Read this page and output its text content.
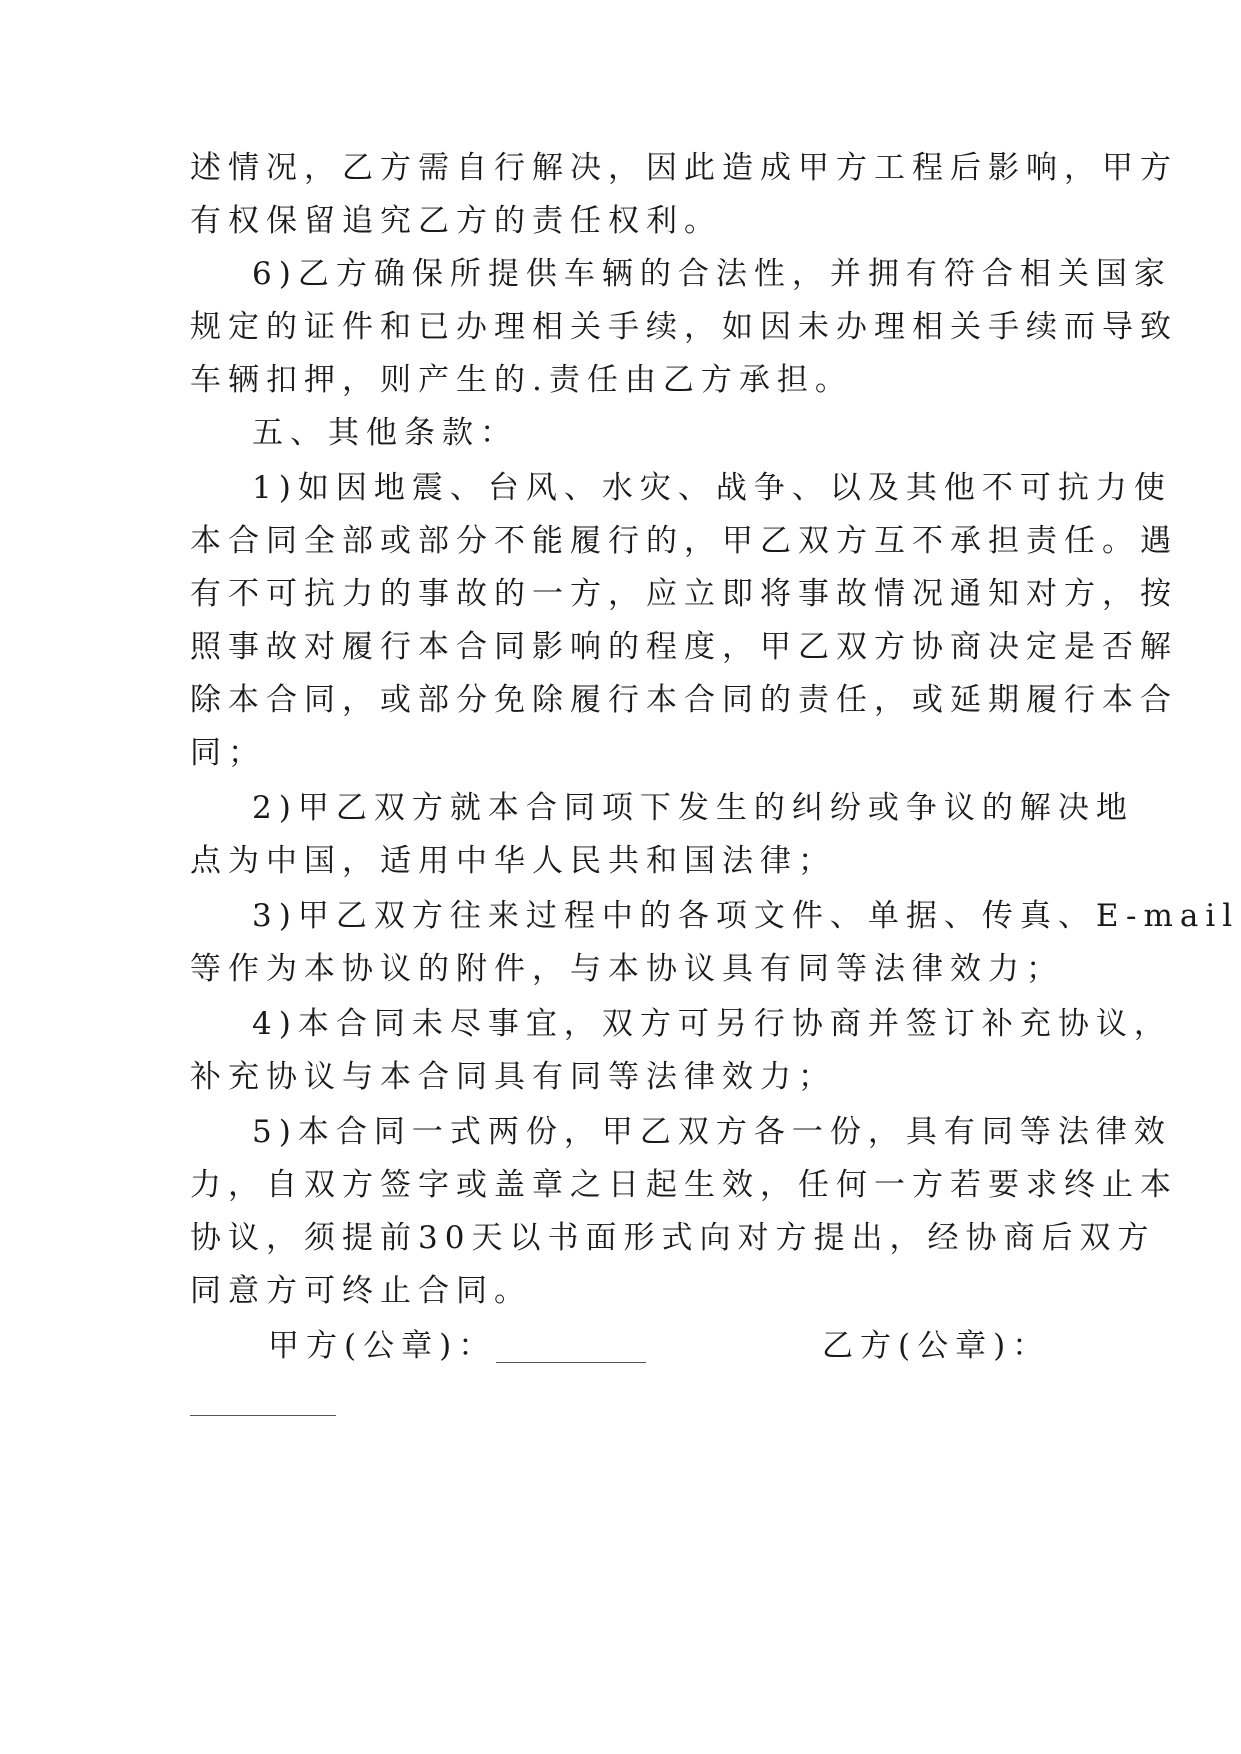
述情况，乙方需自行解决，因此造成甲方工程后影响，甲方
有权保留追究乙方的责任权利。
6)乙方确保所提供车辆的合法性，并拥有符合相关国家
规定的证件和已办理相关手续，如因未办理相关手续而导致
车辆扣押，则产生的.责任由乙方承担。
五、其他条款：
1)如因地震、台风、水灾、战争、以及其他不可抗力使
本合同全部或部分不能履行的，甲乙双方互不承担责任。遇
有不可抗力的事故的一方，应立即将事故情况通知对方，按
照事故对履行本合同影响的程度，甲乙双方协商决定是否解
除本合同，或部分免除履行本合同的责任，或延期履行本合
同；
2)甲乙双方就本合同项下发生的纠纷或争议的解决地
点为中国，适用中华人民共和国法律；
3)甲乙双方往来过程中的各项文件、单据、传真、E-mail
等作为本协议的附件，与本协议具有同等法律效力；
4)本合同未尽事宜，双方可另行协商并签订补充协议，
补充协议与本合同具有同等法律效力；
5)本合同一式两份，甲乙双方各一份，具有同等法律效
力，自双方签字或盖章之日起生效，任何一方若要求终止本
协议，须提前30天以书面形式向对方提出，经协商后双方
同意方可终止合同。
甲方(公章)：	乙方(公章)：
